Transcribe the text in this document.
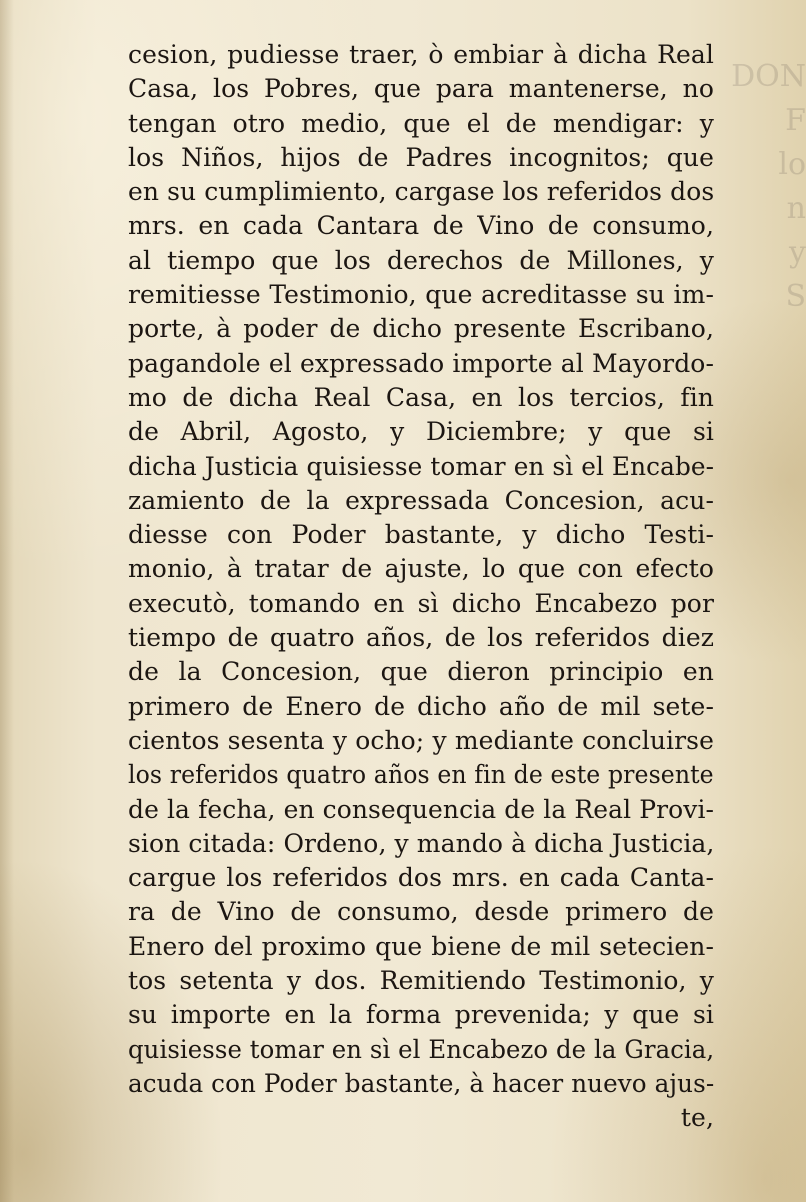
DON
F
lo
n
y
S
cesion, pudiesse traer, ò embiar à dicha Real
Casa, los Pobres, que para mantenerse, no
tengan otro medio, que el de mendigar: y
los Niños, hijos de Padres incognitos; que
en su cumplimiento, cargase los referidos dos
mrs. en cada Cantara de Vino de consumo,
al tiempo que los derechos de Millones, y
remitiesse Testimonio, que acreditasse su im-
porte, à poder de dicho presente Escribano,
pagandole el expressado importe al Mayordo-
mo de dicha Real Casa, en los tercios, fin
de Abril, Agosto, y Diciembre; y que si
dicha Justicia quisiesse tomar en sì el Encabe-
zamiento de la expressada Concesion, acu-
diesse con Poder bastante, y dicho Testi-
monio, à tratar de ajuste, lo que con efecto
executò, tomando en sì dicho Encabezo por
tiempo de quatro años, de los referidos diez
de la Concesion, que dieron principio en
primero de Enero de dicho año de mil sete-
cientos sesenta y ocho; y mediante concluirse
los referidos quatro años en fin de este presente
de la fecha, en consequencia de la Real Provi-
sion citada: Ordeno, y mando à dicha Justicia,
cargue los referidos dos mrs. en cada Canta-
ra de Vino de consumo, desde primero de
Enero del proximo que biene de mil setecien-
tos setenta y dos. Remitiendo Testimonio, y
su importe en la forma prevenida; y que si
quisiesse tomar en sì el Encabezo de la Gracia,
acuda con Poder bastante, à hacer nuevo ajus-
te,
